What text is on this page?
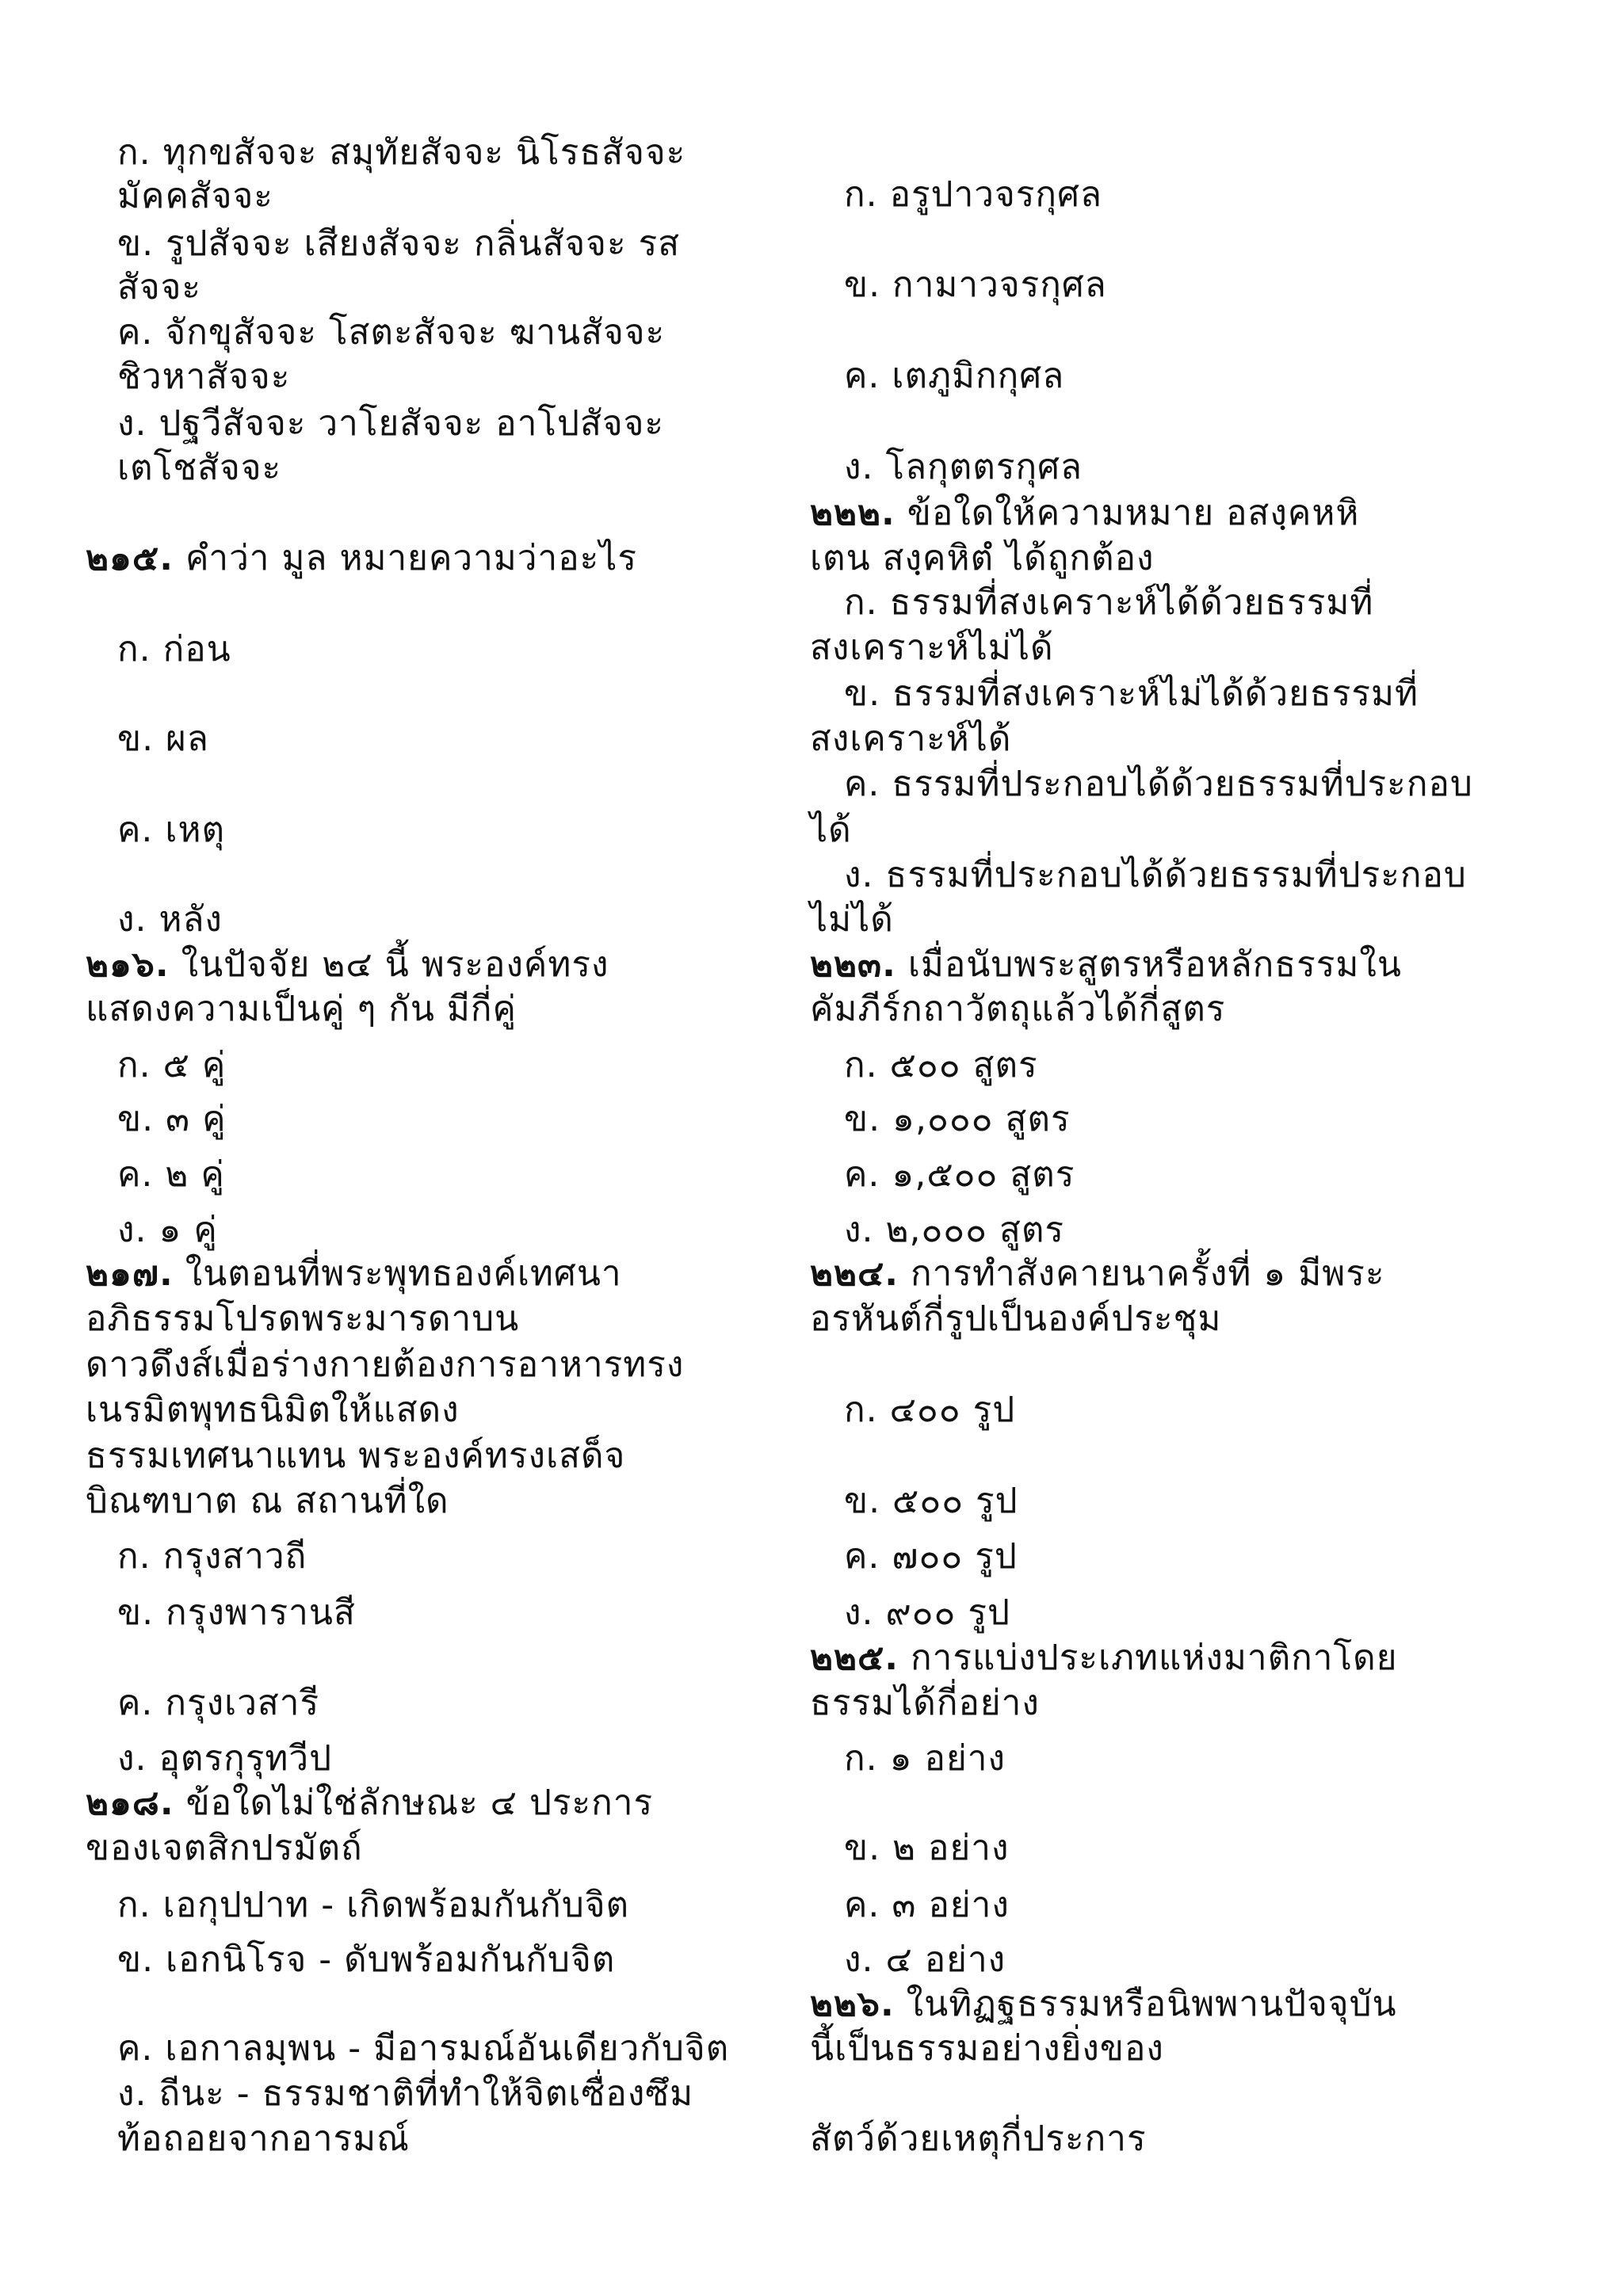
ก. ทุกขสัจจะ สมุทัยสัจจะ นิโรธสัจจะ
มัคคสัจจะ
ข. รูปสัจจะ เสียงสัจจะ กลิ่นสัจจะ รส
สัจจะ
ค. จักขุสัจจะ โสตะสัจจะ ฆานสัจจะ
ชิวหาสัจจะ
ง. ปฐวีสัจจะ วาโยสัจจะ อาโปสัจจะ
เตโชสัจจะ
๒๑๕. คำว่า มูล หมายความว่าอะไร
ก. ก่อน
ข. ผล
ค. เหตุ
ง. หลัง
๒๑๖. ในปัจจัย ๒๔ นี้ พระองค์ทรง
แสดงความเป็นคู่ ๆ กัน มีกี่คู่
ก. ๕ คู่
ข. ๓ คู่
ค. ๒ คู่
ง. ๑ คู่
๒๑๗. ในตอนที่พระพุทธองค์เทศนา
อภิธรรมโปรดพระมารดาบน
ดาวดึงส์เมื่อร่างกายต้องการอาหารทรง
เนรมิตพุทธนิมิตให้แสดง
ธรรมเทศนาแทน พระองค์ทรงเสด็จ
บิณฑบาต ณ สถานที่ใด
ก. กรุงสาวถี
ข. กรุงพารานสี
ค. กรุงเวสารี
ง. อุตรกุรุทวีป
๒๑๘. ข้อใดไม่ใช่ลักษณะ ๔ ประการ
ของเจตสิกปรมัตถ์
ก. เอกุปปาท - เกิดพร้อมกันกับจิต
ข. เอกนิโรจ - ดับพร้อมกันกับจิต
ค. เอกาลมฺพน - มีอารมณ์อันเดียวกับจิต
ง. ถีนะ - ธรรมชาติที่ทำให้จิตเซื่องซึม
ท้อถอยจากอารมณ์
ก. อรูปาวจรกุศล
ข. กามาวจรกุศล
ค. เตภูมิกกุศล
ง. โลกุตตรกุศล
๒๒๒. ข้อใดให้ความหมาย อสงฺคหหิ
เตน สงฺคหิตํ ได้ถูกต้อง
ก. ธรรมที่สงเคราะห์ได้ด้วยธรรมที่
สงเคราะห์ไม่ได้
ข. ธรรมที่สงเคราะห์ไม่ได้ด้วยธรรมที่
สงเคราะห์ได้
ค. ธรรมที่ประกอบได้ด้วยธรรมที่ประกอบ
ได้
ง. ธรรมที่ประกอบได้ด้วยธรรมที่ประกอบ
ไม่ได้
๒๒๓. เมื่อนับพระสูตรหรือหลักธรรมใน
คัมภีร์กถาวัตถุแล้วได้กี่สูตร
ก. ๕๐๐ สูตร
ข. ๑,๐๐๐ สูตร
ค. ๑,๕๐๐ สูตร
ง. ๒,๐๐๐ สูตร
๒๒๔. การทำสังคายนาครั้งที่ ๑ มีพระ
อรหันต์กี่รูปเป็นองค์ประชุม
ก. ๔๐๐ รูป
ข. ๕๐๐ รูป
ค. ๗๐๐ รูป
ง. ๙๐๐ รูป
๒๒๕. การแบ่งประเภทแห่งมาติกาโดย
ธรรมได้กี่อย่าง
ก. ๑ อย่าง
ข. ๒ อย่าง
ค. ๓ อย่าง
ง. ๔ อย่าง
๒๒๖. ในทิฏฐธรรมหรือนิพพานปัจจุบัน
นี้เป็นธรรมอย่างยิ่งของ
สัตว์ด้วยเหตุกี่ประการ
